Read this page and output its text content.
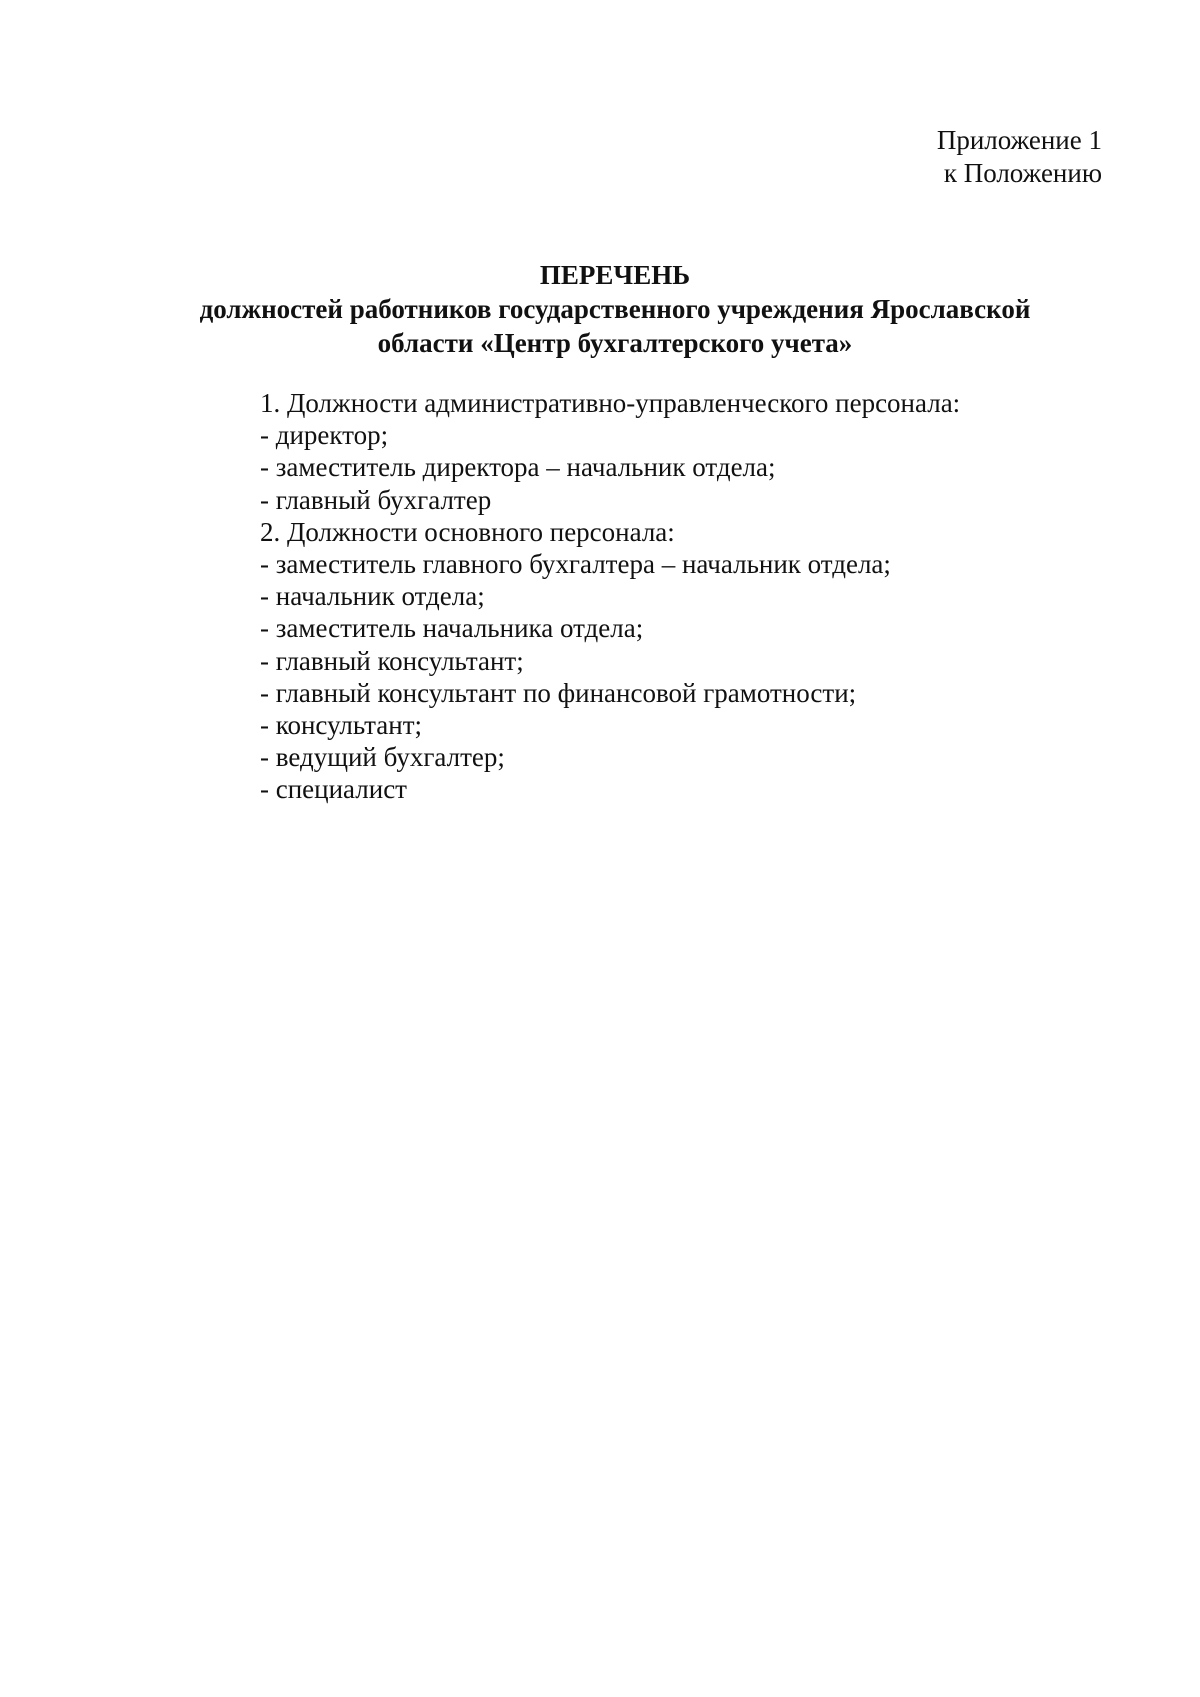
Приложение 1
к Положению
ПЕРЕЧЕНЬ
должностей работников государственного учреждения Ярославской
области «Центр бухгалтерского учета»
1. Должности административно-управленческого персонала:
- директор;
- заместитель директора – начальник отдела;
- главный бухгалтер
2. Должности основного персонала:
- заместитель главного бухгалтера – начальник отдела;
- начальник отдела;
- заместитель начальника отдела;
- главный консультант;
- главный консультант по финансовой грамотности;
- консультант;
- ведущий бухгалтер;
- специалист
